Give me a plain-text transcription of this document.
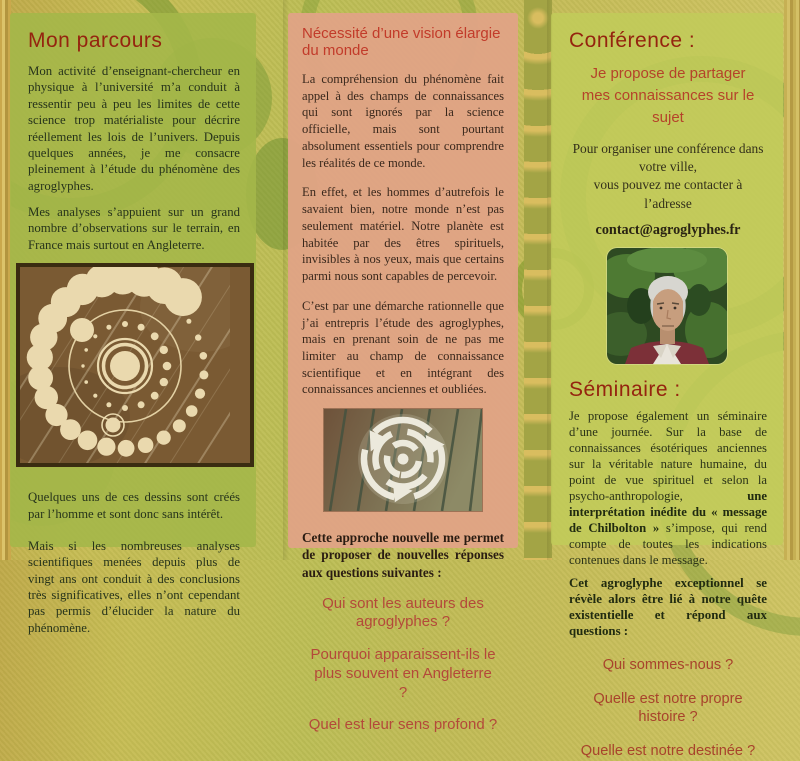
Mon parcours

Mon activité d’enseignant-chercheur en physique à l’université m’a conduit à ressentir peu à peu les limites de cette science trop matérialiste pour décrire réellement les lois de l’univers. Depuis quelques années, je me consacre pleinement à l’étude du phénomène des agroglyphes.

Mes analyses s’appuient sur un grand nombre d’observations sur le terrain, en France mais surtout en Angleterre.

Quelques uns de ces dessins sont créés par l’homme et sont donc sans intérêt.

Mais si les nombreuses analyses scientifiques menées depuis plus de vingt ans ont conduit à des conclusions très significatives, elles n’ont cependant pas permis d’élucider la nature du phénomène.

Nécessité d’une vision élargie du monde

La compréhension du phénomène fait appel à des champs de connaissances qui sont ignorés par la science officielle, mais sont pourtant absolument essentiels pour comprendre les réalités de ce monde.

En effet, et les hommes d’autrefois le savaient bien, notre monde n’est pas seulement matériel. Notre planète est habitée par des êtres spirituels, invisibles à nos yeux, mais que certains parmi nous sont capables de percevoir.

C’est par une démarche rationnelle que j’ai entrepris l’étude des agroglyphes, mais en prenant soin de ne pas me limiter au champ de connaissance scientifique et en intégrant des connaissances anciennes et oubliées.

Cette approche nouvelle me permet de proposer de nouvelles réponses aux questions suivantes :

Qui sont les auteurs des agroglyphes ?
Pourquoi apparaissent-ils le plus souvent en Angleterre ?
Quel est leur sens profond ?
Conférence :
Je propose de partager
mes connaissances sur le sujet

Pour organiser une conférence dans votre ville,

vous pouvez me contacter à l’adresse

contact@agroglyphes.fr

Séminaire :

Je propose également un séminaire d’une journée. Sur la base de connaissances ésotériques anciennes sur la véritable nature humaine, du point de vue spirituel et selon la psycho-anthropologie, une interprétation inédite du « message de Chilbolton » s’impose, qui rend compte de toutes les indications contenues dans le message.

Cet agroglyphe exceptionnel se révèle alors être lié à notre quête existentielle et répond aux questions :

Qui sommes-nous ?
Quelle est notre propre histoire ?
Quelle est notre destinée ?
